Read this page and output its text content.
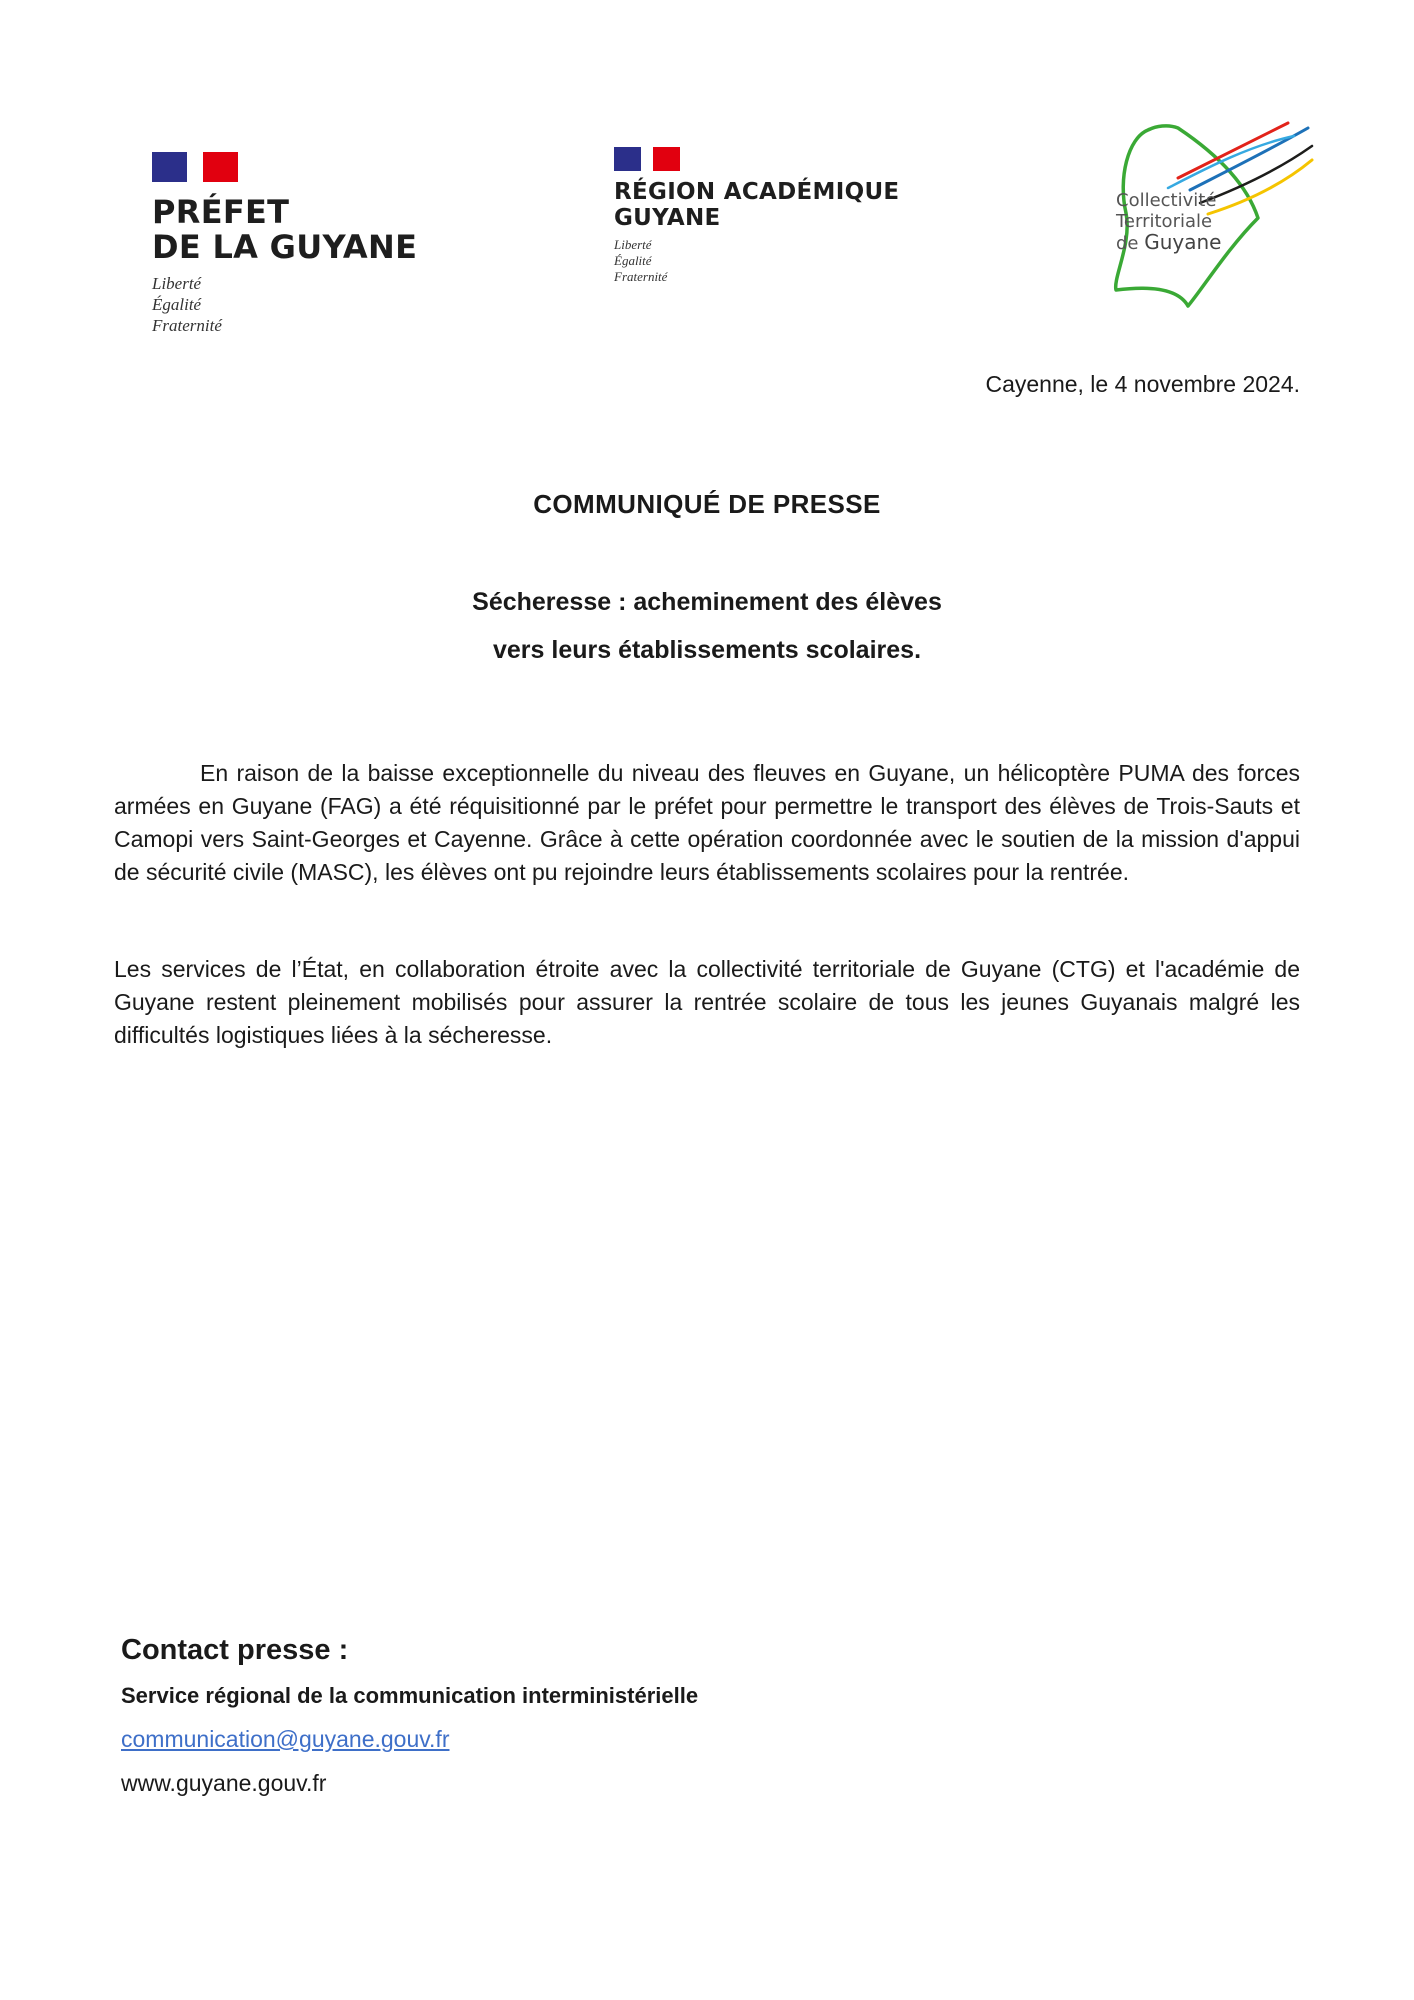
PRÉFET
DE LA GUYANE
Liberté
Égalité
Fraternité
RÉGION ACADÉMIQUE
GUYANE
Liberté
Égalité
Fraternité
Collectivité
Territoriale
de Guyane
Cayenne, le 4 novembre 2024.
COMMUNIQUÉ DE PRESSE
Sécheresse : acheminement des élèves
vers leurs établissements scolaires.

En raison de la baisse exceptionnelle du niveau des fleuves en Guyane, un hélicoptère PUMA des forces armées en Guyane (FAG) a été réquisitionné par le préfet pour permettre le transport des élèves de Trois-Sauts et Camopi vers Saint-Georges et Cayenne. Grâce à cette opération coordonnée avec le soutien de la mission d'appui de sécurité civile (MASC), les élèves ont pu rejoindre leurs établissements scolaires pour la rentrée.

Les services de l’État, en collaboration étroite avec la collectivité territoriale de Guyane (CTG) et l'académie de Guyane restent pleinement mobilisés pour assurer la rentrée scolaire de tous les jeunes Guyanais malgré les difficultés logistiques liées à la sécheresse.

Contact presse :
Service régional de la communication interministérielle
communication@guyane.gouv.fr
www.guyane.gouv.fr
